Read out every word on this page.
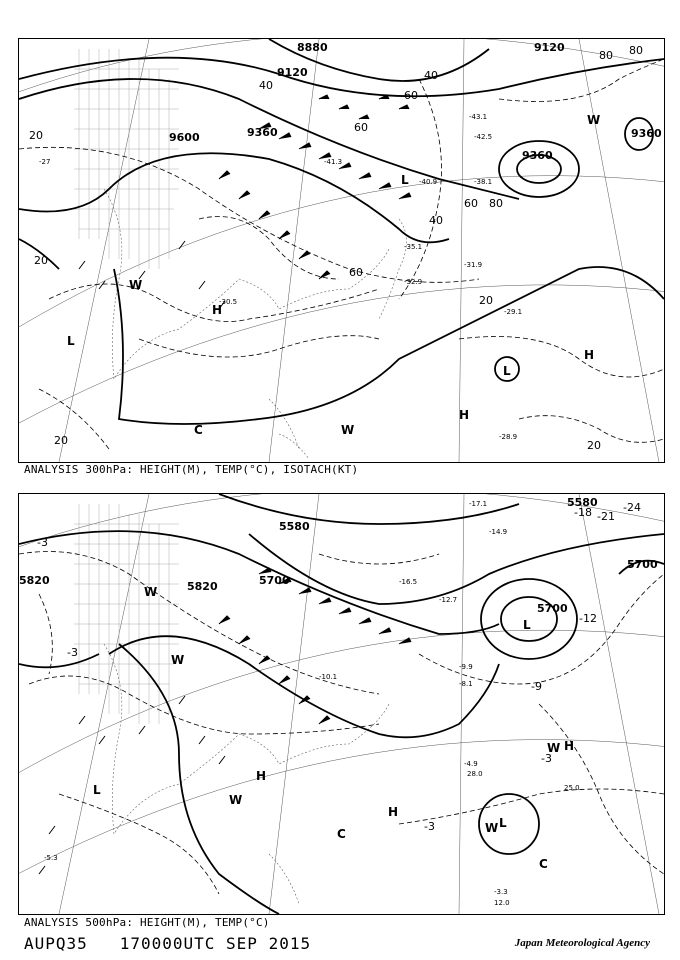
8880	9120
9120
9360
9360
9360
9600
20
20
20
20
20
40
40
40
60
60
60
60
80
80 80
L
L
L
H
H
H
C
W
W
W
-43.1
-42.5
-41.3
-40.9	-38.1
-35.1
-32.9
-31.9
-30.5
-29.1
-28.9
-27
ANALYSIS 300hPa: HEIGHT(M), TEMP(°C), ISOTACH(KT)
5580
5580
5700
5700
5700
5820	5820
-3
-3
-3
-3
-9
-12
-18 -21
-24
L
L
L
H
H
H
C
C
W
W
W
W
W
-17.1
-16.5
-14.9
-12.7
-10.1
-9.9
-8.1
-5.3
-4.9
-3.3
12.0
25.0
28.0
ANALYSIS 500hPa: HEIGHT(M), TEMP(°C)
AUPQ35 170000UTC SEP 2015	Japan Meteorological Agency
